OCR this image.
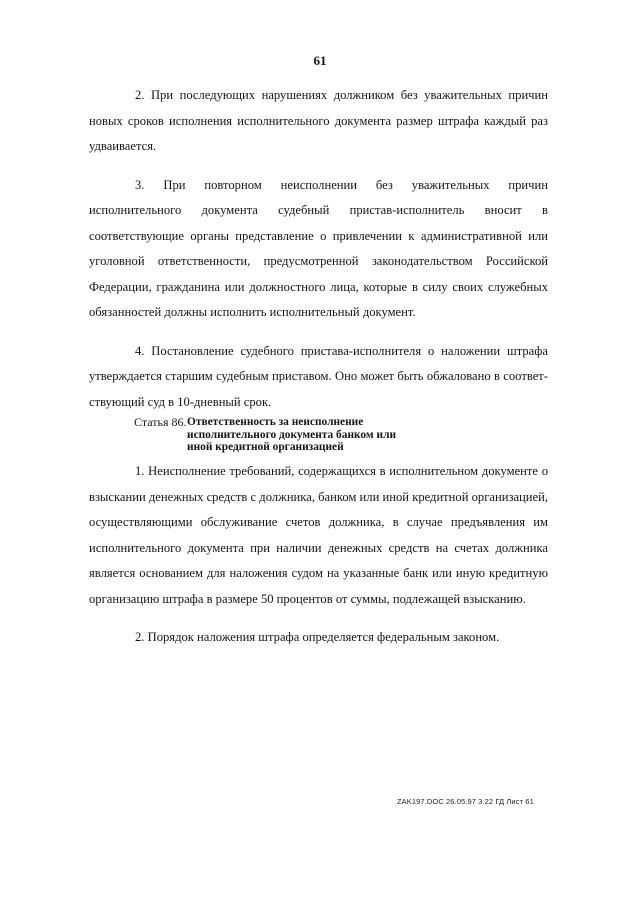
61

2. При последующих нарушениях должником без уважительных причин новых сроков исполнения исполнительного документа размер штрафа каждый раз удваивается.

3. При повторном неисполнении без уважительных причин исполнительного документа судебный пристав-исполнитель вносит в соответствующие органы представление о привлечении к административной или уголовной ответственности, предусмотренной законодательством Российской Федерации, гражданина или должностного лица, которые в силу своих служебных обязанностей должны исполнить исполнительный документ.

4. Постановление судебного пристава-исполнителя о наложении штрафа утверждается старшим судебным приставом. Оно может быть обжаловано в соответствующий суд в 10-дневный срок.

Статья 86. Ответственность за неисполнение
исполнительного документа банком или
иной кредитной организацией

1. Неисполнение требований, содержащихся в исполнительном документе о взыскании денежных средств с должника, банком или иной кредитной организацией, осуществляющими обслуживание счетов должника, в случае предъявления им исполнительного документа при наличии денежных средств на счетах должника является основанием для наложения судом на указанные банк или иную кредитную организацию штрафа в размере 50 процентов от суммы, подлежащей взысканию.

2. Порядок наложения штрафа определяется федеральным законом.

ZAK197.DOC 26.05.97 3.22 ГД Лист 61
